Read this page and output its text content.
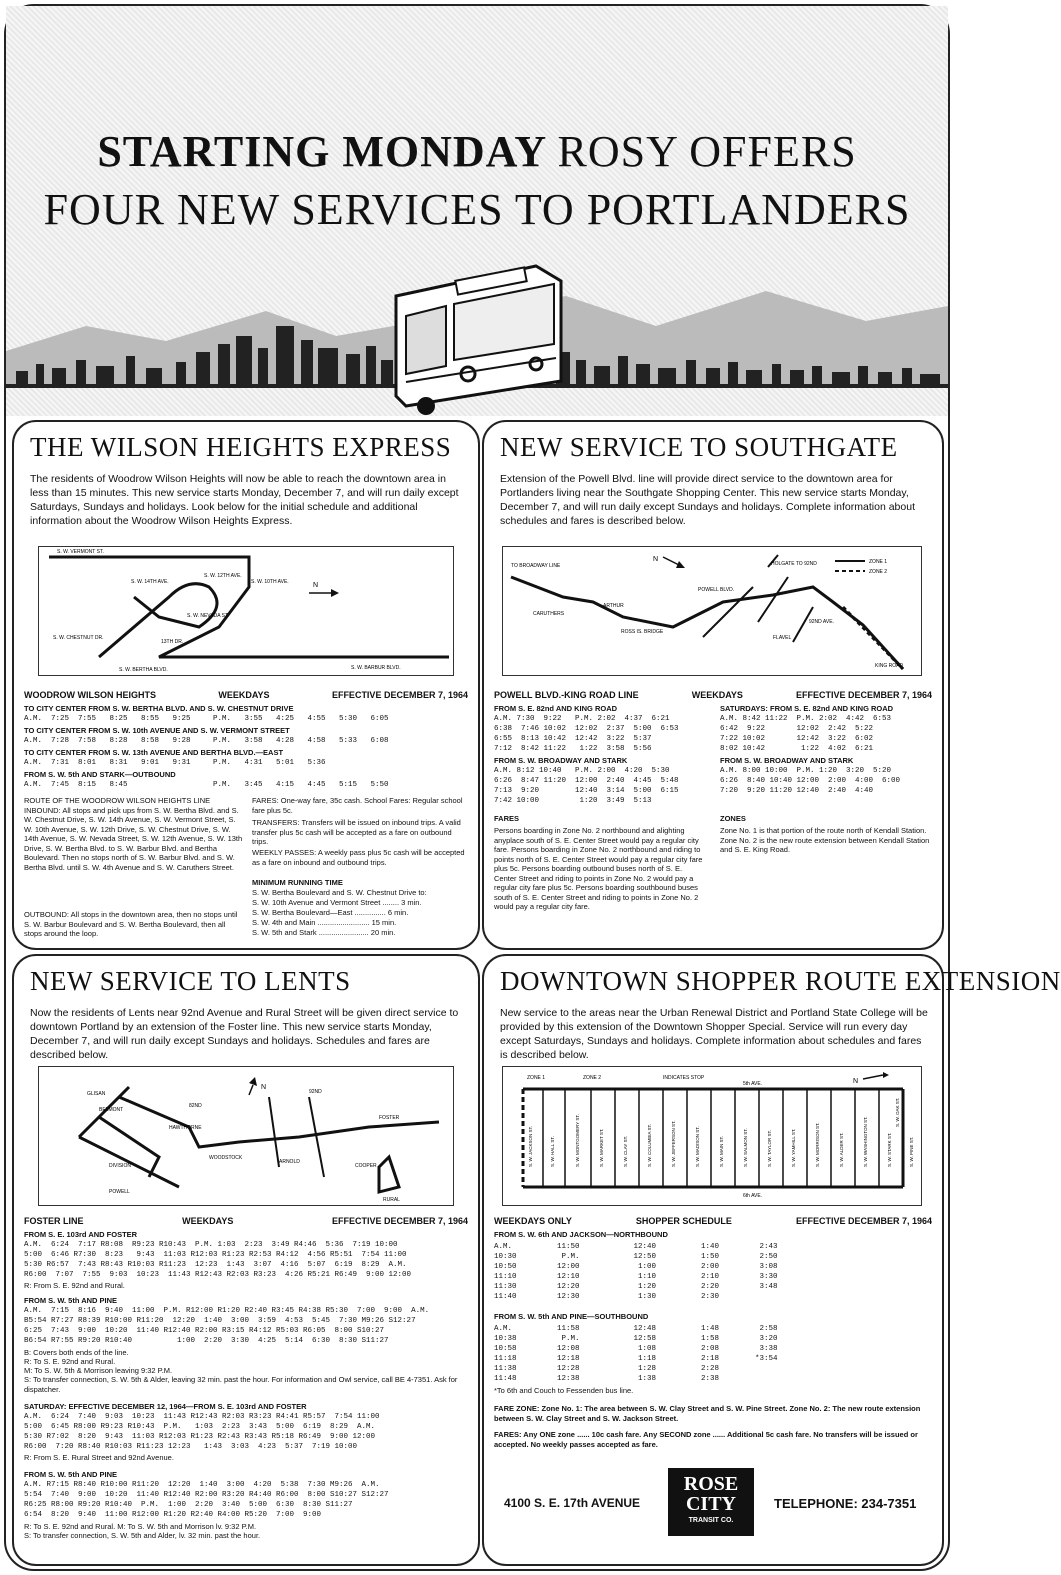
STARTING MONDAY ROSY OFFERS
FOUR NEW SERVICES TO PORTLANDERS
THE WILSON HEIGHTS EXPRESS
The residents of Woodrow Wilson Heights will now be able to reach the downtown area in less than 15 minutes. This new service starts Monday, December 7, and will run daily except Saturdays, Sundays and holidays. Look below for the initial schedule and additional information about the Woodrow Wilson Heights Express.
S. W. VERMONT ST.
S. W. 14TH AVE.
S. W. 12TH AVE.
S. W. 10TH AVE.
S. W. NEVADA ST.
S. W. CHESTNUT DR.
S. W. BERTHA BLVD.	S. W. BARBUR BLVD.
13TH DR.
N
WOODROW WILSON HEIGHTS	WEEKDAYS	EFFECTIVE DECEMBER 7, 1964
TO CITY CENTER FROM S. W. BERTHA BLVD. AND S. W. CHESTNUT DRIVE
A.M.  7:25  7:55   8:25   8:55   9:25     P.M.   3:55   4:25   4:55   5:30   6:05
TO CITY CENTER FROM S. W. 10th AVENUE AND S. W. VERMONT STREET
A.M.  7:28  7:58   8:28   8:58   9:28     P.M.   3:58   4:28   4:58   5:33   6:08
TO CITY CENTER FROM S. W. 13th AVENUE AND BERTHA BLVD.—EAST
A.M.  7:31  8:01   8:31   9:01   9:31     P.M.   4:31   5:01   5:36
FROM S. W. 5th AND STARK—OUTBOUND
A.M.  7:45  8:15   8:45                   P.M.   3:45   4:15   4:45   5:15   5:50
ROUTE OF THE WOODROW WILSON HEIGHTS LINE INBOUND: All stops and pick ups from S. W. Bertha Blvd. and S. W. Chestnut Drive, S. W. 14th Avenue, S. W. Vermont Street, S. W. 10th Avenue, S. W. 12th Drive, S. W. Chestnut Drive, S. W. 14th Avenue, S. W. Nevada Street, S. W. 12th Avenue, S. W. 13th Drive, S. W. Bertha Blvd. to S. W. Barbur Blvd. and Bertha Boulevard. Then no stops north of S. W. Barbur Blvd. and S. W. Bertha Blvd. until S. W. 4th Avenue and S. W. Caruthers Street.
OUTBOUND: All stops in the downtown area, then no stops until S. W. Barbur Boulevard and S. W. Bertha Boulevard, then all stops around the loop.
FARES: One-way fare, 35c cash. School Fares: Regular school fare plus 5c.
TRANSFERS: Transfers will be issued on inbound trips. A valid transfer plus 5c cash will be accepted as a fare on outbound trips.
WEEKLY PASSES: A weekly pass plus 5c cash will be accepted as a fare on inbound and outbound trips.
MINIMUM RUNNING TIME
S. W. Bertha Boulevard and S. W. Chestnut Drive to:
S. W. 10th Avenue and Vermont Street ........ 3 min.
S. W. Bertha Boulevard—East ............... 6 min.
S. W. 4th and Main ......................... 15 min.
S. W. 5th and Stark ........................ 20 min.
NEW SERVICE TO SOUTHGATE
Extension of the Powell Blvd. line will provide direct service to the downtown area for Portlanders living near the Southgate Shopping Center. This new service starts Monday, December 7, and will run daily except Sundays and holidays. Complete information about schedules and fares is described below.
TO BROADWAY LINE
CARUTHERS
ROSS IS. BRIDGE
POWELL BLVD.
ARTHUR
HOLGATE TO 92ND
FLAVEL
92ND AVE.
KING ROAD
ZONE 1
ZONE 2
N
POWELL BLVD.-KING ROAD LINE	WEEKDAYS	EFFECTIVE DECEMBER 7, 1964
FROM S. E. 82nd AND KING ROAD
A.M. 7:30  9:22   P.M. 2:02  4:37  6:21
6:38  7:46 10:02  12:02  2:37  5:00  6:53
6:55  8:13 10:42  12:42  3:22  5:37
7:12  8:42 11:22   1:22  3:58  5:56
FROM S. W. BROADWAY AND STARK
A.M. 8:12 10:40   P.M. 2:00  4:20  5:30
6:26  8:47 11:20  12:00  2:40  4:45  5:48
7:13  9:20        12:40  3:14  5:00  6:15
7:42 10:00         1:20  3:49  5:13
SATURDAYS: FROM S. E. 82nd AND KING ROAD
A.M. 8:42 11:22  P.M. 2:02  4:42  6:53
6:42  9:22       12:02  2:42  5:22
7:22 10:02       12:42  3:22  6:02
8:02 10:42        1:22  4:02  6:21
FROM S. W. BROADWAY AND STARK
A.M. 8:00 10:00  P.M. 1:20  3:20  5:20
6:26  8:40 10:40 12:00  2:00  4:00  6:00
7:20  9:20 11:20 12:40  2:40  4:40
FARES
Persons boarding in Zone No. 2 northbound and alighting anyplace south of S. E. Center Street would pay a regular city fare. Persons boarding in Zone No. 2 northbound and riding to points north of S. E. Center Street would pay a regular city fare plus 5c. Persons boarding outbound buses north of S. E. Center Street and riding to points in Zone No. 2 would pay a regular city fare plus 5c. Persons boarding southbound buses south of S. E. Center Street and riding to points in Zone No. 2 would pay a regular city fare.
ZONES
Zone No. 1 is that portion of the route north of Kendall Station. Zone No. 2 is the new route extension between Kendall Station and S. E. King Road.
NEW SERVICE TO LENTS
Now the residents of Lents near 92nd Avenue and Rural Street will be given direct service to downtown Portland by an extension of the Foster line. This new service starts Monday, December 7, and will run daily except Sundays and holidays. Schedules and fares are described below.
GLISAN
BELMONT
HAWTHORNE
DIVISION
POWELL
82ND
92ND
FOSTER
ARNOLD
WOODSTOCK
COOPER
RURAL
N
FOSTER LINE	WEEKDAYS	EFFECTIVE DECEMBER 7, 1964
FROM S. E. 103rd AND FOSTER
A.M.  6:24  7:17 R8:08  R9:23 R10:43  P.M. 1:03  2:23  3:49 R4:46  5:36  7:19 10:00
5:00  6:46 R7:30  8:23   9:43  11:03 R12:03 R1:23 R2:53 R4:12  4:56 R5:51  7:54 11:00
5:30 R6:57  7:43 R8:43 R10:03 R11:23  12:23  1:43  3:07  4:16  5:07  6:19  8:29  A.M.
R6:00  7:07  7:55  9:03  10:23  11:43 R12:43 R2:03 R3:23  4:26 R5:21 R6:49  9:00 12:00
R: From S. E. 92nd and Rural.
FROM S. W. 5th AND PINE
A.M.  7:15  8:16  9:40  11:00  P.M. R12:00 R1:20 R2:40 R3:45 R4:38 R5:30  7:00  9:00  A.M.
B5:54 R7:27 R8:39 R10:00 R11:20  12:20  1:40  3:00  3:59  4:53  5:45  7:30 M9:26 S12:27
6:25  7:43  9:00  10:20  11:40 R12:40 R2:00 R3:15 R4:12 R5:03 R6:05  8:00 S10:27
B6:54 R7:55 R9:20 R10:40          1:00  2:20  3:30  4:25  5:14  6:30  8:30 S11:27
B: Covers both ends of the line.
R: To S. E. 92nd and Rural.
M: To S. W. 5th & Morrison leaving 9:32 P.M.
S: To transfer connection, S. W. 5th & Alder, leaving 32 min. past the hour. For information and Owl service, call BE 4-7351. Ask for dispatcher.
SATURDAY: EFFECTIVE DECEMBER 12, 1964—FROM S. E. 103rd AND FOSTER
A.M.  6:24  7:40  9:03  10:23  11:43 R12:43 R2:03 R3:23 R4:41 R5:57  7:54 11:00
5:00  6:45 R8:00 R9:23 R10:43  P.M.   1:03  2:23  3:43  5:00  6:19  8:29  A.M.
5:30 R7:02  8:20  9:43  11:03 R12:03 R1:23 R2:43 R3:43 R5:18 R6:49  9:00 12:00
R6:00  7:20 R8:40 R10:03 R11:23 12:23   1:43  3:03  4:23  5:37  7:19 10:00
R: From S. E. Rural Street and 92nd Avenue.
FROM S. W. 5th AND PINE
A.M. R7:15 R8:40 R10:00 R11:20  12:20  1:40  3:00  4:20  5:38  7:30 M9:26  A.M.
5:54  7:40  9:00  10:20  11:40 R12:40 R2:00 R3:20 R4:40 R6:00  8:00 S10:27 S12:27
R6:25 R8:00 R9:20 R10:40  P.M.  1:00  2:20  3:40  5:00  6:30  8:30 S11:27
6:54  8:20  9:40  11:00 R12:00 R1:20 R2:40 R4:00 R5:20  7:00  9:00
R: To S. E. 92nd and Rural. M: To S. W. 5th and Morrison lv. 9:32 P.M.
S: To transfer connection, S. W. 5th and Alder, lv. 32 min. past the hour.
DOWNTOWN SHOPPER ROUTE EXTENSION
New service to the areas near the Urban Renewal District and Portland State College will be provided by this extension of the Downtown Shopper Special. Service will run every day except Saturdays, Sundays and holidays. Complete information about schedules and fares is described below.
ZONE 1	ZONE 2	INDICATES STOP
5th AVE.
6th AVE.
N
S. W. JACKSON ST.	S. W. HALL ST.	S. W. MONTGOMERY ST.	S. W. MARKET ST.	S. W. CLAY ST.	S. W. COLUMBIA ST.	S. W. JEFFERSON ST.	S. W. MADISON ST.	S. W. MAIN ST.	S. W. SALMON ST.	S. W. TAYLOR ST.	S. W. YAMHILL ST.	S. W. MORRISON ST.	S. W. ALDER ST.	S. W. WASHINGTON ST.	S. W. STARK ST.
S. W. OAK ST.
S. W. PINE ST.
WEEKDAYS ONLY	SHOPPER SCHEDULE	EFFECTIVE DECEMBER 7, 1964
FROM S. W. 6th AND JACKSON—NORTHBOUND
A.M.          11:50            12:40          1:40         2:43
10:30          P.M.            12:50          1:50         2:50
10:50         12:00             1:00          2:00         3:08
11:10         12:10             1:10          2:10         3:30
11:30         12:20             1:20          2:20         3:48
11:40         12:30             1:30          2:30
FROM S. W. 5th AND PINE—SOUTHBOUND
A.M.          11:58            12:48          1:48         2:58
10:38          P.M.            12:58          1:58         3:20
10:58         12:08             1:08          2:08         3:38
11:18         12:18             1:18          2:18        *3:54
11:38         12:28             1:28          2:28
11:48         12:38             1:38          2:38
*To 6th and Couch to Fessenden bus line.
FARE ZONE: Zone No. 1: The area between S. W. Clay Street and S. W. Pine Street. Zone No. 2: The new route extension between S. W. Clay Street and S. W. Jackson Street.
FARES: Any ONE zone ...... 10c cash fare. Any SECOND zone ...... Additional 5c cash fare. No transfers will be issued or accepted. No weekly passes accepted as fare.
4100 S. E. 17th AVENUE
ROSE
CITY
TRANSIT CO.
TELEPHONE: 234-7351
